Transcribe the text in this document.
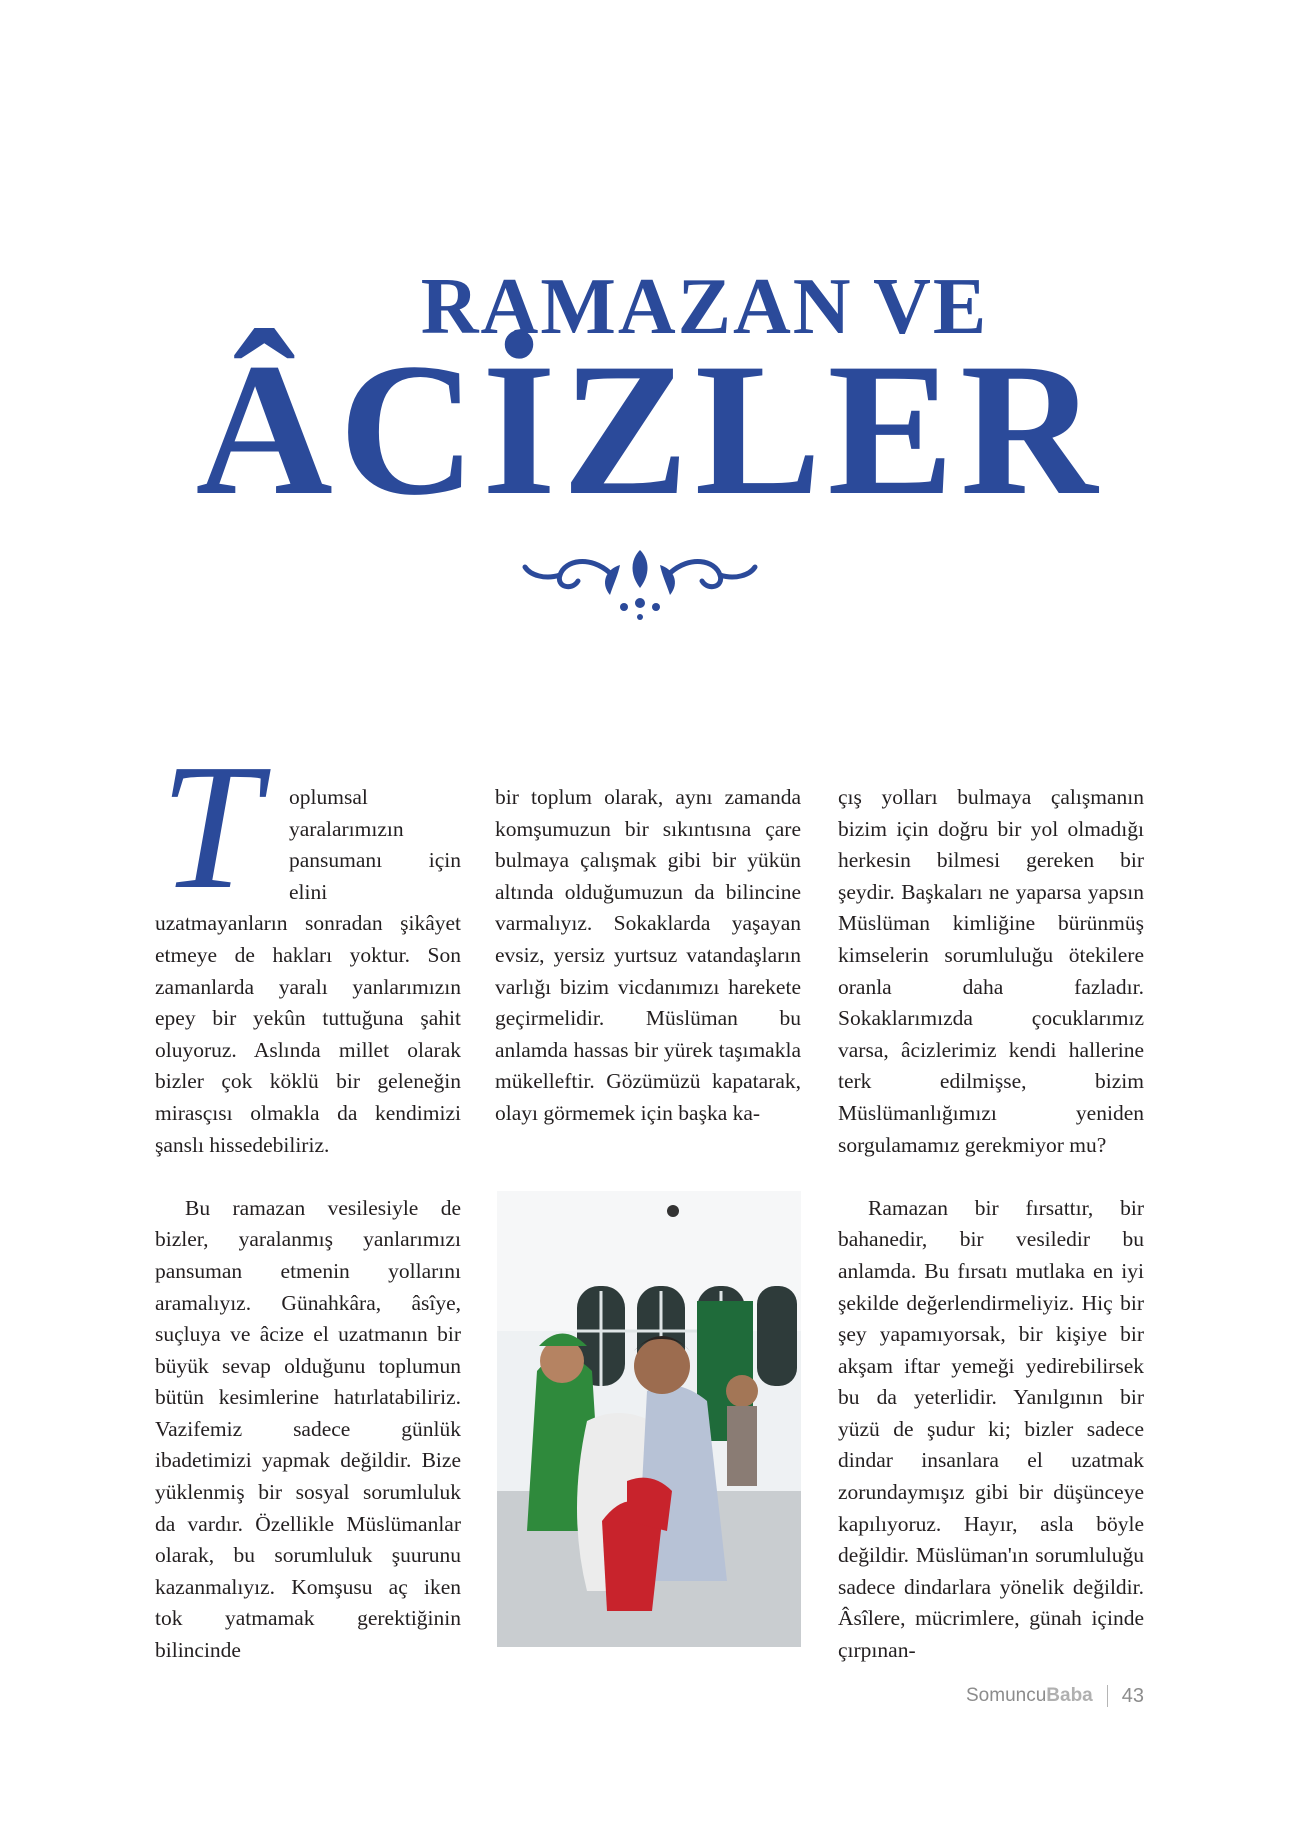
RAMAZAN VE
ÂCİZLER
T	oplumsal yaralarımızın pansumanı için elini uzatmayanların sonradan şikâyet etmeye de hakları yoktur. Son zamanlarda yaralı yanlarımızın epey bir yekûn tuttuğuna şahit oluyoruz. Aslında millet olarak bizler çok köklü bir geleneğin mirasçısı olmakla da kendimizi şanslı hissedebiliriz.

Bu ramazan vesilesiyle de bizler, yaralanmış yanlarımızı pansuman etmenin yollarını aramalıyız. Günahkâra, âsîye, suçluya ve âcize el uzatmanın bir büyük sevap olduğunu toplumun bütün kesimlerine hatırlatabiliriz. Vazifemiz sadece günlük ibadetimizi yapmak değildir. Bize yüklenmiş bir sosyal sorumluluk da vardır. Özellikle Müslümanlar olarak, bu sorumluluk şuurunu kazanmalıyız. Komşusu aç iken tok yatmamak gerektiğinin bilincinde

bir toplum olarak, aynı zamanda komşumuzun bir sıkıntısına çare bulmaya çalışmak gibi bir yükün altında olduğumuzun da bilincine varmalıyız. Sokaklarda yaşayan evsiz, yersiz yurtsuz vatandaşların varlığı bizim vicdanımızı harekete geçirmelidir. Müslüman bu anlamda hassas bir yürek taşımakla mükelleftir. Gözümüzü kapatarak, olayı görmemek için başka ka-

çış yolları bulmaya çalışmanın bizim için doğru bir yol olmadığı herkesin bilmesi gereken bir şeydir. Başkaları ne yaparsa yapsın Müslüman kimliğine bürünmüş kimselerin sorumluluğu ötekilere oranla daha fazladır. Sokaklarımızda çocuklarımız varsa, âcizlerimiz kendi hallerine terk edilmişse, bizim Müslümanlığımızı yeniden sorgulamamız gerekmiyor mu?

Ramazan bir fırsattır, bir bahanedir, bir vesiledir bu anlamda. Bu fırsatı mutlaka en iyi şekilde değerlendirmeliyiz. Hiç bir şey yapamıyorsak, bir kişiye bir akşam iftar yemeği yedirebilirsek bu da yeterlidir. Yanılgının bir yüzü de şudur ki; bizler sadece dindar insanlara el uzatmak zorundaymışız gibi bir düşünceye kapılıyoruz. Hayır, asla böyle değildir. Müslüman'ın sorumluluğu sadece dindarlara yönelik değildir. Âsîlere, mücrimlere, günah içinde çırpınan-

SomuncuBaba 43
